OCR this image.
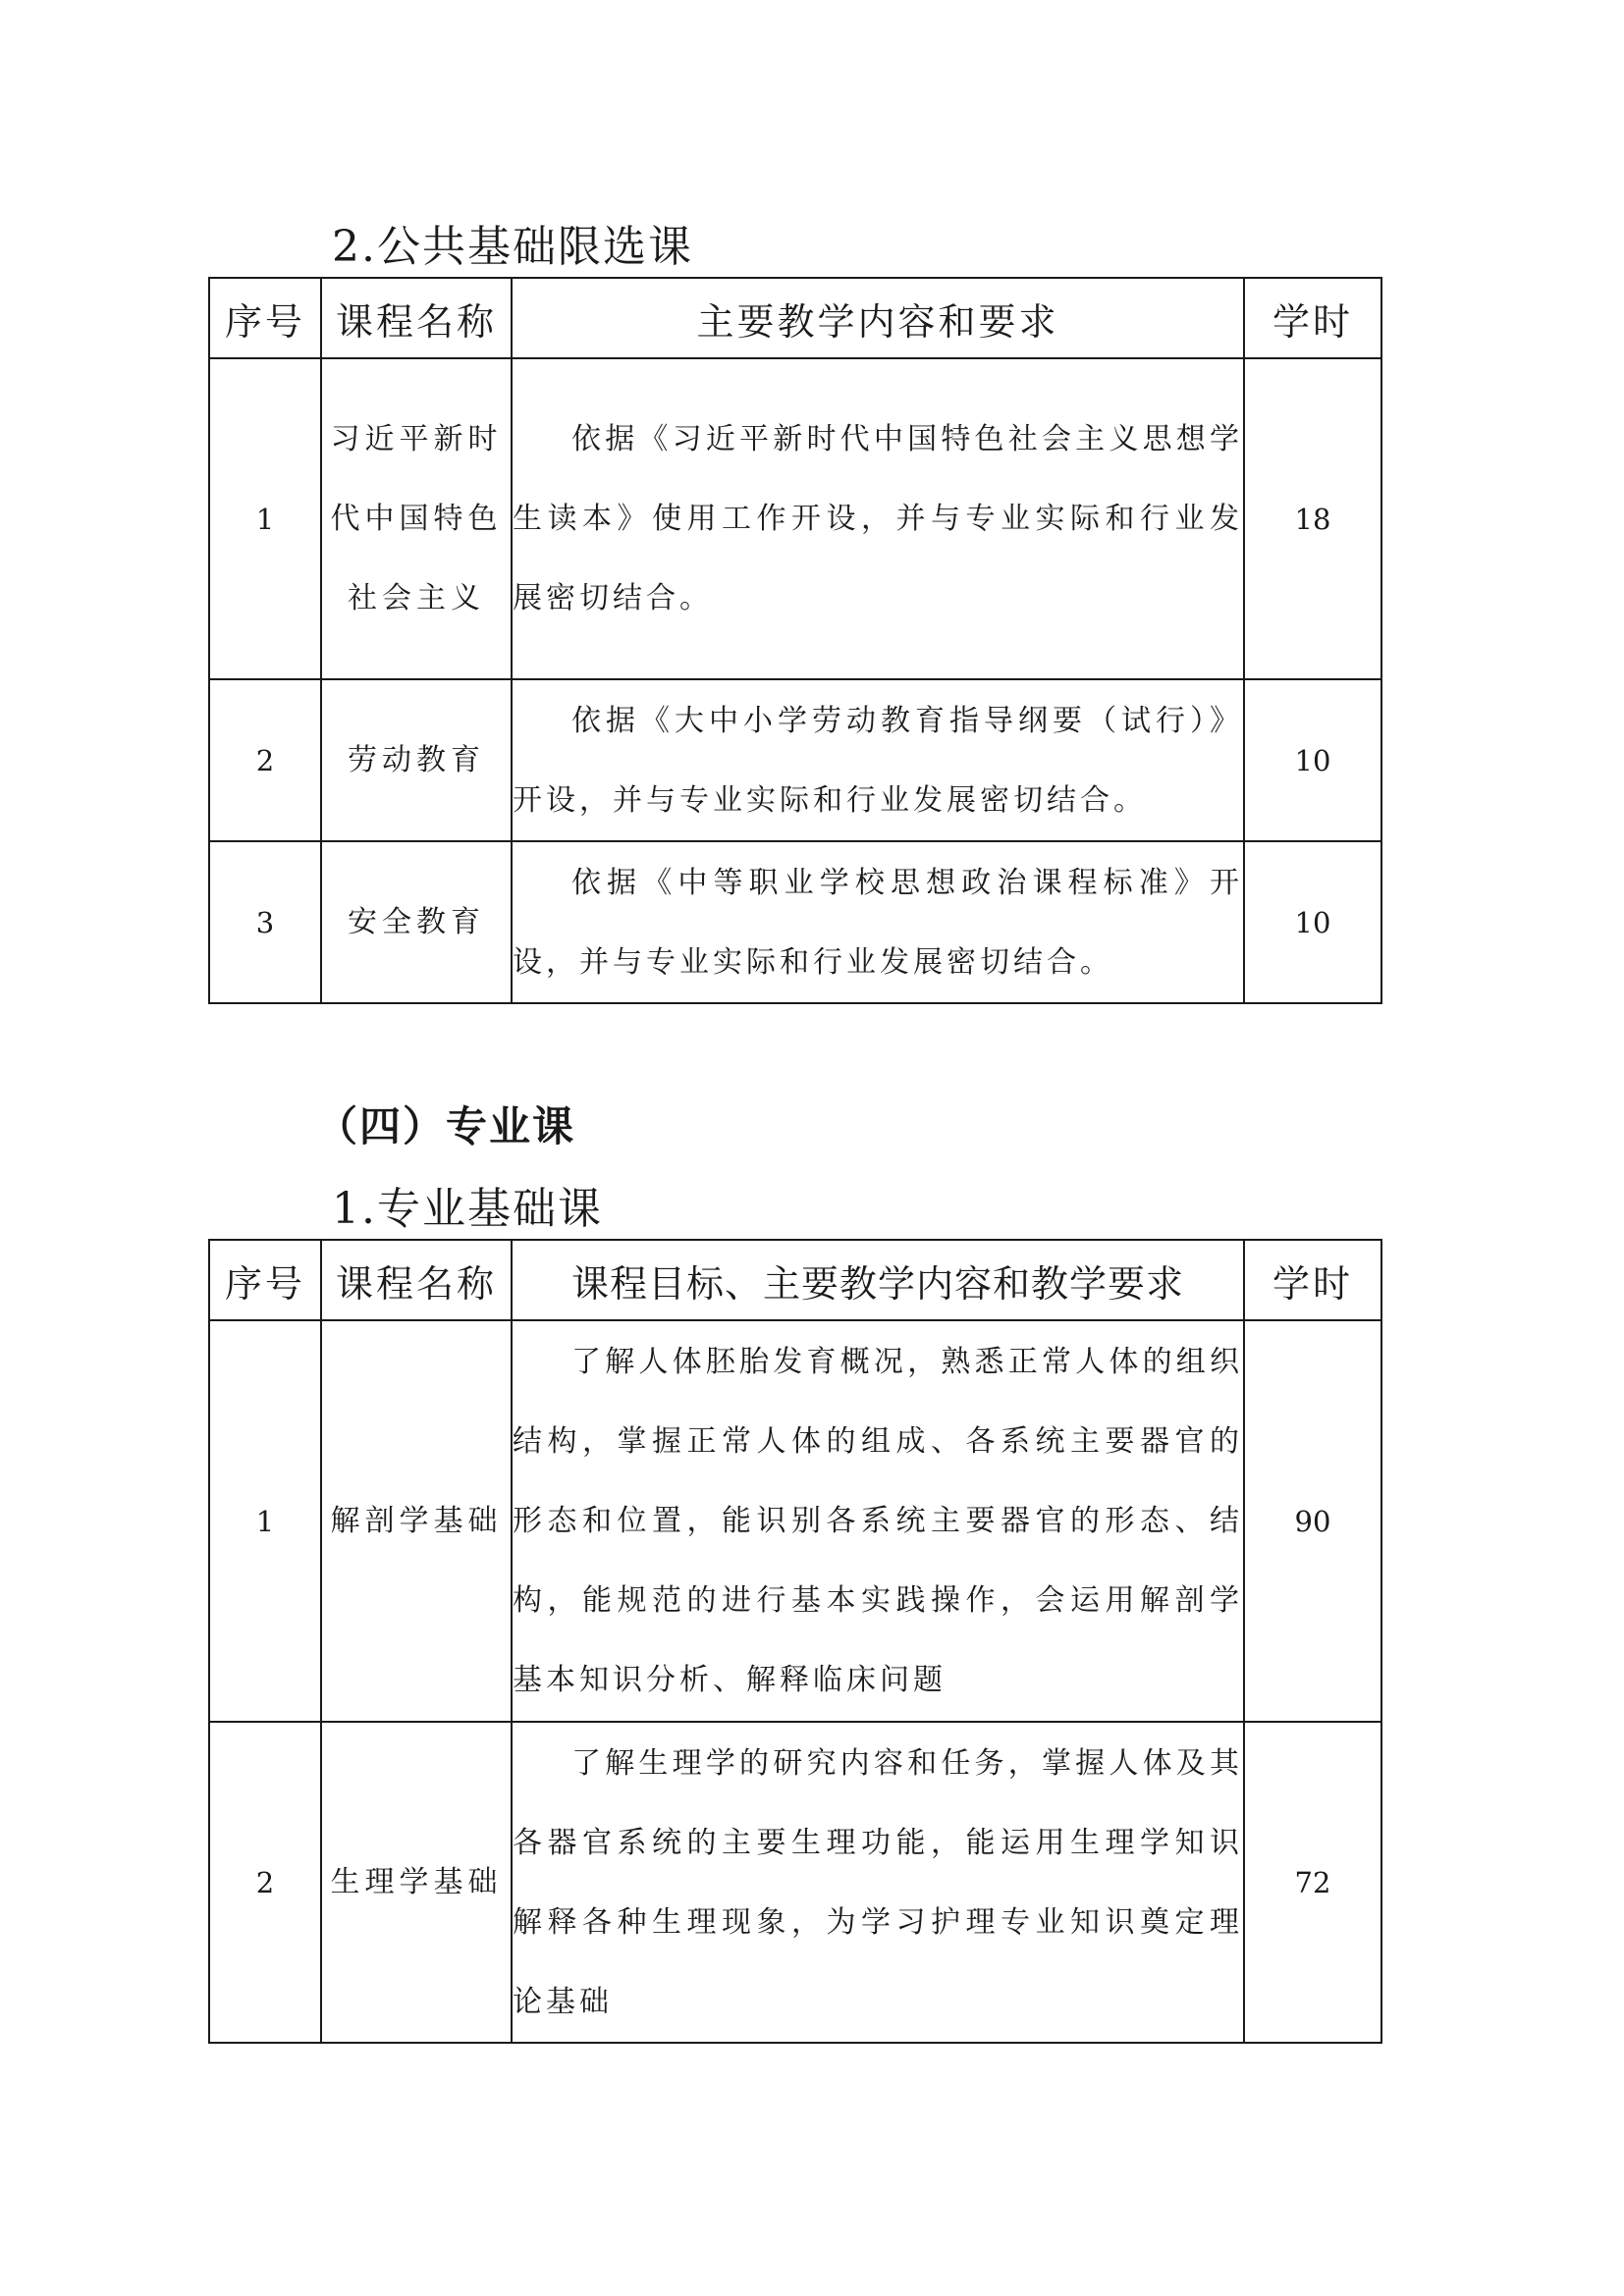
2.公共基础限选课
序号	课程名称	主要教学内容和要求	学时
1	习近平新时代中国特色社会主义	依据《习近平新时代中国特色社会主义思想学生读本》使用工作开设，并与专业实际和行业发展密切结合。	18
2	劳动教育	依据《大中小学劳动教育指导纲要（试行）》开设，并与专业实际和行业发展密切结合。	10
3	安全教育	依据《中等职业学校思想政治课程标准》开设，并与专业实际和行业发展密切结合。	10
（四）专业课
1.专业基础课
序号	课程名称	课程目标、主要教学内容和教学要求	学时
1	解剖学基础	了解人体胚胎发育概况，熟悉正常人体的组织结构，掌握正常人体的组成、各系统主要器官的形态和位置，能识别各系统主要器官的形态、结构，能规范的进行基本实践操作，会运用解剖学基本知识分析、解释临床问题	90
2	生理学基础	了解生理学的研究内容和任务，掌握人体及其各器官系统的主要生理功能，能运用生理学知识解释各种生理现象，为学习护理专业知识奠定理论基础	72
